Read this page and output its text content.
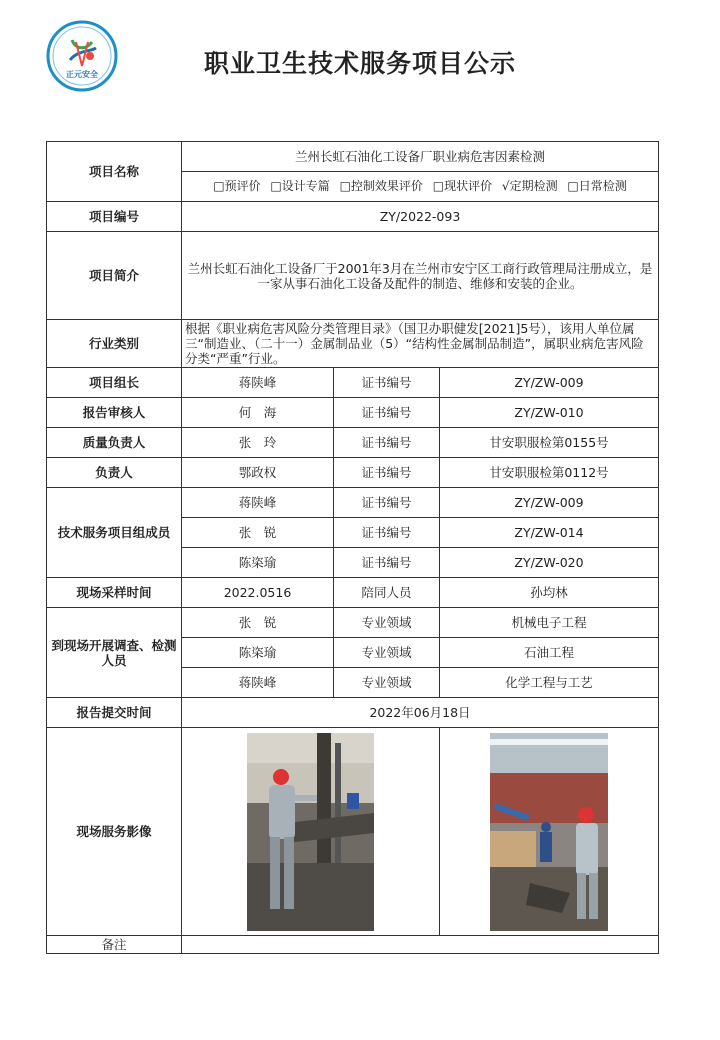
正元安全	职业卫生技术服务项目公示
项目名称	兰州长虹石油化工设备厂职业病危害因素检测		
	□预评价 □设计专篇 □控制效果评价 □现状评价 √定期检测 □日常检测		
项目编号	ZY/2022-093		
项目简介	兰州长虹石油化工设备厂于2001年3月在兰州市安宁区工商行政管理局注册成立，是一家从事石油化工设备及配件的制造、维修和安装的企业。		
行业类别	根据《职业病危害风险分类管理目录》（国卫办职健发[2021]5号），该用人单位属三“制造业、（二十一）金属制品业（5）“结构性金属制品制造”，属职业病危害风险分类“严重”行业。		
项目组长	蒋陕峰	证书编号	ZY/ZW-009
报告审核人	何　海	证书编号	ZY/ZW-010
质量负责人	张　玲	证书编号	甘安职服检第0155号
负责人	鄂政权	证书编号	甘安职服检第0112号
技术服务项目组成员	蒋陕峰	证书编号	ZY/ZW-009
	张　锐	证书编号	ZY/ZW-014
	陈栥瑜	证书编号	ZY/ZW-020
现场采样时间	2022.0516	陪同人员	孙均林
到现场开展调查、检测人员	张　锐	专业领域	机械电子工程
	陈栥瑜	专业领域	石油工程
	蒋陕峰	专业领域	化学工程与工艺
报告提交时间	2022年06月18日		
现场服务影像	

备注			
